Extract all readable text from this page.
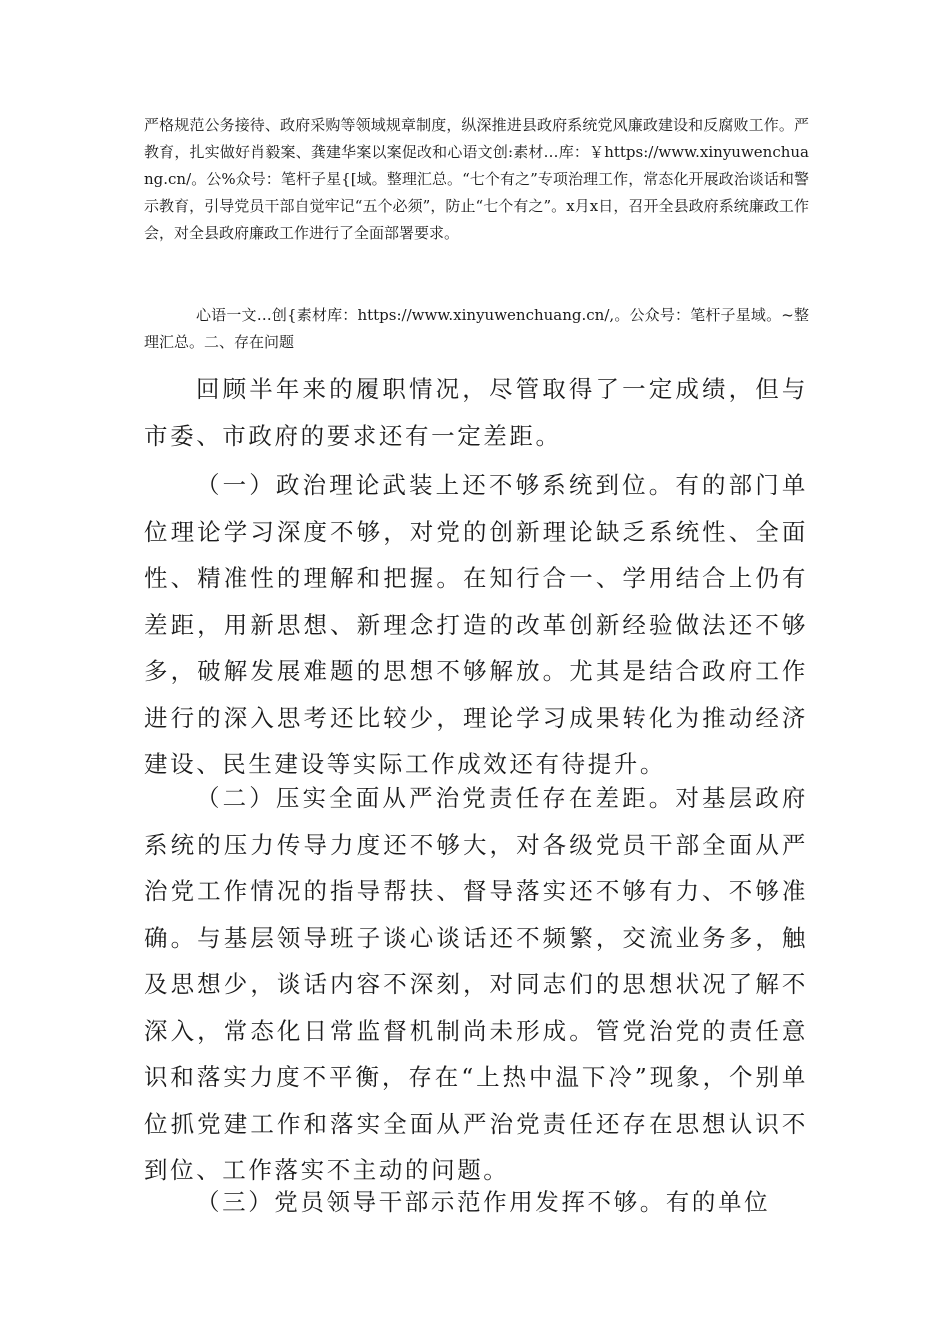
严格规范公务接待、政府采购等领域规章制度，纵深推进县政府系统党风廉政建设和反腐败工作。严教育，扎实做好肖毅案、龚建华案以案促改和心语文创:素材…库：￥https://www.xinyuwenchuang.cn/。公%众号：笔杆子星{[域。整理汇总。“七个有之”专项治理工作，常态化开展政治谈话和警示教育，引导党员干部自觉牢记“五个必须”，防止“七个有之”。x月x日，召开全县政府系统廉政工作会，对全县政府廉政工作进行了全面部署要求。

心语一文…创{素材库：https://www.xinyuwenchuang.cn/,。公众号：笔杆子星域。~整理汇总。二、存在问题

回顾半年来的履职情况，尽管取得了一定成绩，但与市委、市政府的要求还有一定差距。

（一）政治理论武装上还不够系统到位。有的部门单位理论学习深度不够，对党的创新理论缺乏系统性、全面性、精准性的理解和把握。在知行合一、学用结合上仍有差距，用新思想、新理念打造的改革创新经验做法还不够多，破解发展难题的思想不够解放。尤其是结合政府工作进行的深入思考还比较少，理论学习成果转化为推动经济建设、民生建设等实际工作成效还有待提升。

（二）压实全面从严治党责任存在差距。对基层政府系统的压力传导力度还不够大，对各级党员干部全面从严治党工作情况的指导帮扶、督导落实还不够有力、不够准确。与基层领导班子谈心谈话还不频繁，交流业务多，触及思想少，谈话内容不深刻，对同志们的思想状况了解不深入，常态化日常监督机制尚未形成。管党治党的责任意识和落实力度不平衡，存在“上热中温下冷”现象，个别单位抓党建工作和落实全面从严治党责任还存在思想认识不到位、工作落实不主动的问题。

（三）党员领导干部示范作用发挥不够。有的单位
